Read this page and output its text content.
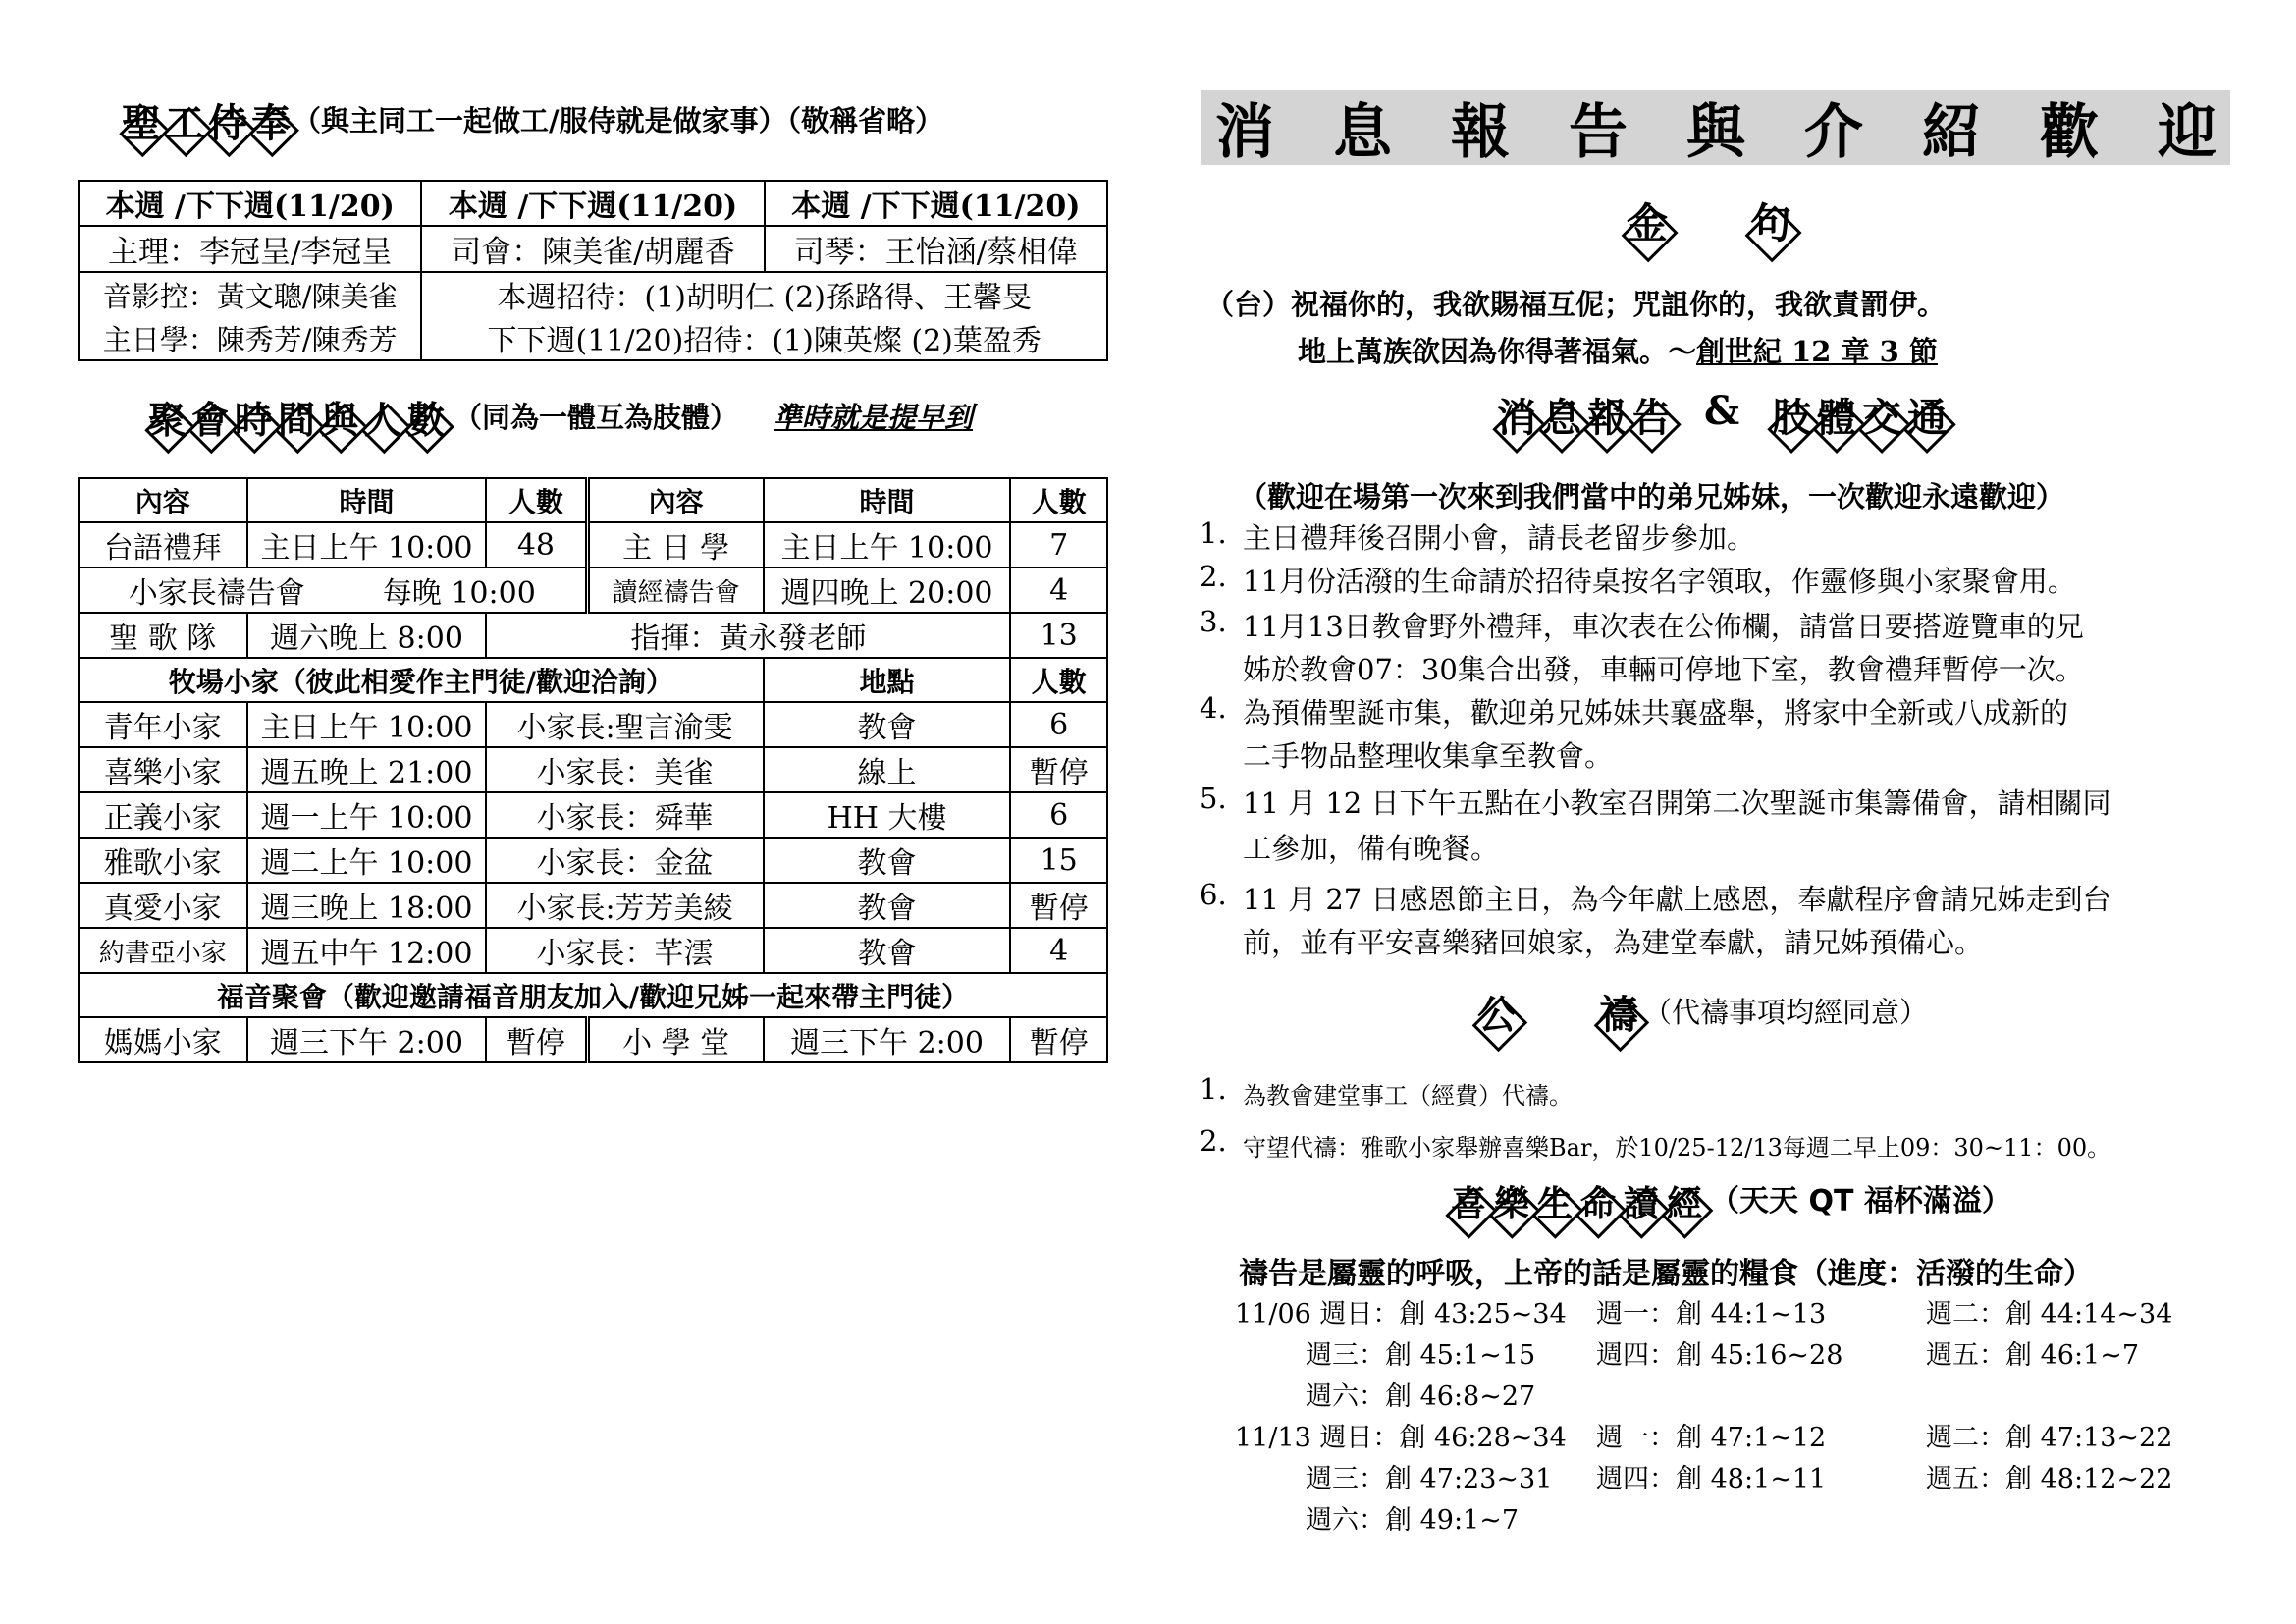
聖 工 侍 奉 （與主同工一起做工/服侍就是做家事）（敬稱省略）
本週 /下下週(11/20)	本週 /下下週(11/20)	本週 /下下週(11/20)
主理：李冠呈/李冠呈	司會：陳美雀/胡麗香	司琴：王怡涵/蔡相偉
音影控：黃文聰/陳美雀	本週招待：(1)胡明仁 (2)孫路得、王馨旻	
主日學：陳秀芳/陳秀芳	下下週(11/20)招待：(1)陳英燦 (2)葉盈秀	
聚 會 時 間 與 人 數 （同為一體互為肢體） 準時就是提早到
內容	時間	人數	內容	時間	人數
台語禮拜	主日上午 10:00	48	主 日 學	主日上午 10:00	7
小家長禱告會 每晚 10:00			讀經禱告會	週四晚上 20:00	4
聖 歌 隊	週六晚上 8:00	指揮：黃永發老師			13
牧場小家（彼此相愛作主門徒/歡迎洽詢）				地點	人數
青年小家	主日上午 10:00	小家長:聖言渝雯		教會	6
喜樂小家	週五晚上 21:00	小家長：美雀		線上	暫停
正義小家	週一上午 10:00	小家長：舜華		HH 大樓	6
雅歌小家	週二上午 10:00	小家長：金盆		教會	15
真愛小家	週三晚上 18:00	小家長:芳芳美綾		教會	暫停
約書亞小家	週五中午 12:00	小家長：芊澐		教會	4
福音聚會（歡迎邀請福音朋友加入/歡迎兄姊一起來帶主門徒）					
媽媽小家	週三下午 2:00	暫停	小 學 堂	週三下午 2:00	暫停
消 息 報 告 與 介 紹 歡 迎
金 句
（台）祝福你的，我欲賜福互伲；咒詛你的，我欲責罰伊。
地上萬族欲因為你得著福氣。～創世紀 12 章 3 節
消 息 報 告 & 肢 體 交 通
（歡迎在場第一次來到我們當中的弟兄姊妹，一次歡迎永遠歡迎）
1. 主日禮拜後召開小會，請長老留步參加。
2. 11月份活潑的生命請於招待桌按名字領取，作靈修與小家聚會用。
3. 11月13日教會野外禮拜，車次表在公佈欄，請當日要搭遊覽車的兄
姊於教會07：30集合出發，車輛可停地下室，教會禮拜暫停一次。
4. 為預備聖誕市集，歡迎弟兄姊妹共襄盛舉，將家中全新或八成新的
二手物品整理收集拿至教會。
5. 11 月 12 日下午五點在小教室召開第二次聖誕市集籌備會，請相關同
工參加，備有晚餐。
6. 11 月 27 日感恩節主日，為今年獻上感恩，奉獻程序會請兄姊走到台
前，並有平安喜樂豬回娘家，為建堂奉獻，請兄姊預備心。
公 禱 （代禱事項均經同意）
1. 為教會建堂事工（經費）代禱。
2. 守望代禱：雅歌小家舉辦喜樂Bar，於10/25-12/13每週二早上09：30~11：00。
喜 樂 生 命 讀 經 （天天 QT 福杯滿溢）
禱告是屬靈的呼吸，上帝的話是屬靈的糧食（進度：活潑的生命）
11/06 週日：創 43:25~34 週一：創 44:1~13	週二：創 44:14~34
週三：創 45:1~15 週四：創 45:16~28	週五：創 46:1~7
週六：創 46:8~27
11/13 週日：創 46:28~34 週一：創 47:1~12	週二：創 47:13~22
週三：創 47:23~31 週四：創 48:1~11	週五：創 48:12~22
週六：創 49:1~7
